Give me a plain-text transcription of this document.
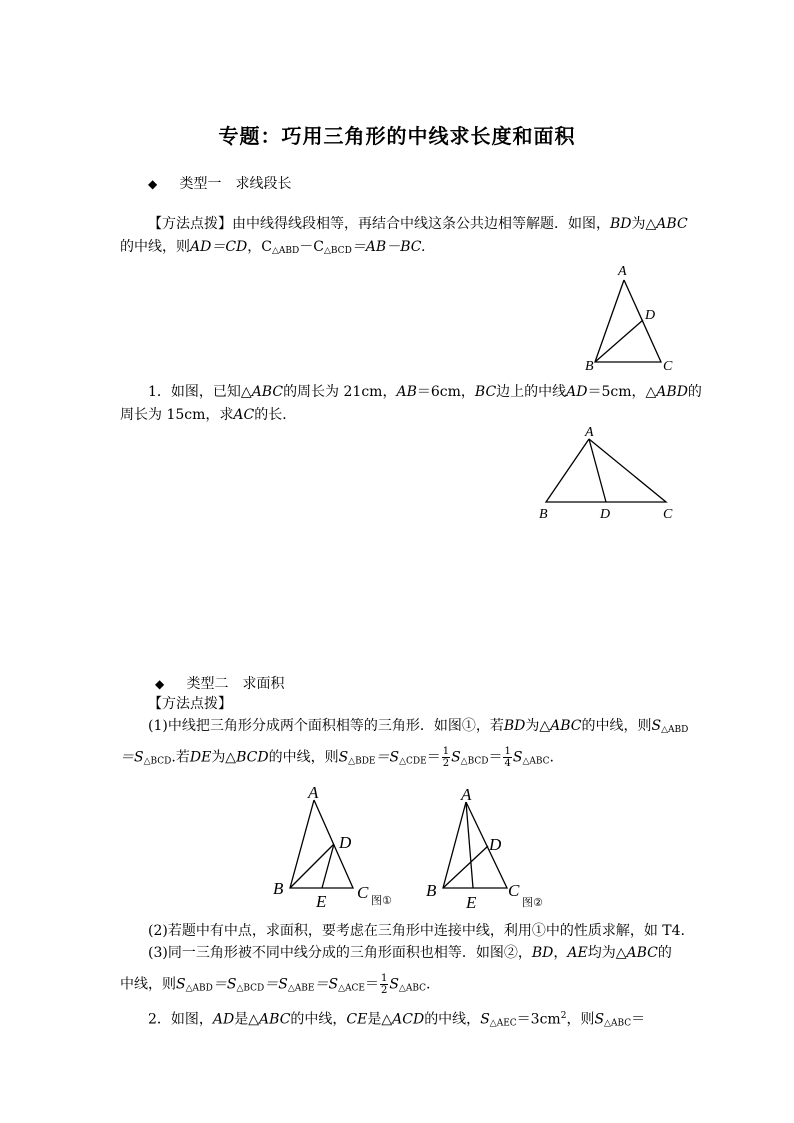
专题：巧用三角形的中线求长度和面积
◆ 类型一　求线段长
【方法点拨】由中线得线段相等，再结合中线这条公共边相等解题．如图，BD为△ABC
的中线，则AD＝CD，$C_{\triangle ABD}-C_{\triangle BCD}=AB-BC$.
A
D
B	C
1．如图，已知△ABC的周长为 21cm，AB＝6cm，BC边上的中线AD＝5cm，△ABD的
周长为 15cm，求AC的长．
A
B	D	C
◆ 类型二　求面积
【方法点拨】
(1)中线把三角形分成两个面积相等的三角形．如图①，若BD为△ABC的中线，则$S_{\triangle ABD}$
$=S_{\triangle BCD}$.若DE为△BCD的中线，则$S_{\triangle BDE}=S_{\triangle CDE}= \frac{1}{2} S_{\triangle BCD}= \frac{1}{4} S_{\triangle ABC}$.
A
D
B	C
E	图①
A
D
B	C
E	图②
(2)若题中有中点，求面积，要考虑在三角形中连接中线，利用①中的性质求解，如 T4.
(3)同一三角形被不同中线分成的三角形面积也相等．如图②，BD，AE均为△ABC的
中线，则$S_{\triangle ABD}=S_{\triangle BCD}=S_{\triangle ABE}=S_{\triangle ACE}= \frac{1}{2} S_{\triangle ABC}$.
2．如图，AD是△ABC的中线，CE是△ACD的中线，$S_{\triangle AEC}=3cm^2$，则$S_{\triangle ABC}=$
